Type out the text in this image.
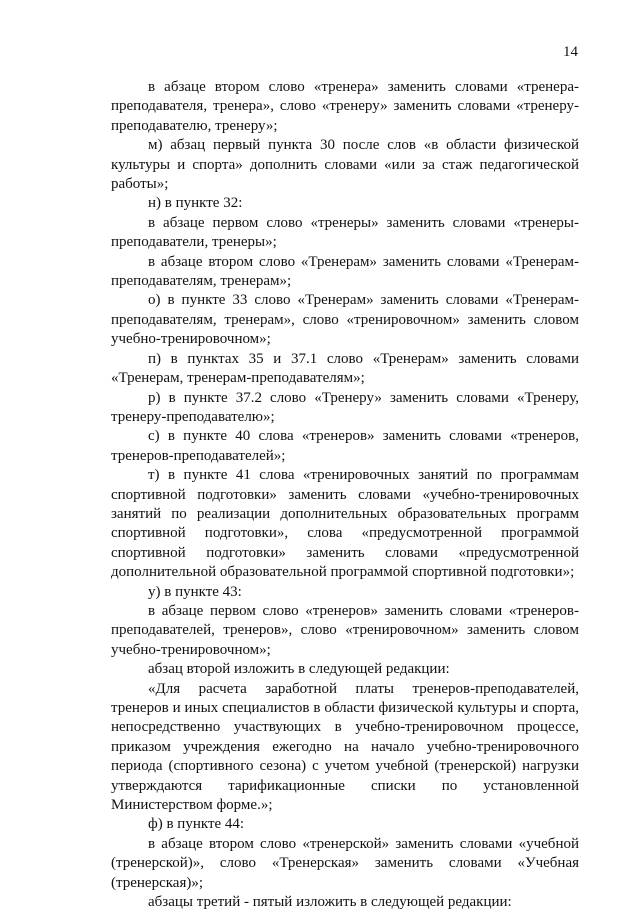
14

в абзаце втором слово «тренера» заменить словами «тренера-преподавателя, тренера», слово «тренеру» заменить словами «тренеру-преподавателю, тренеру»;

м) абзац первый пункта 30 после слов «в области физической культуры и спорта» дополнить словами «или за стаж педагогической работы»;

н) в пункте 32:

в абзаце первом слово «тренеры» заменить словами «тренеры-преподаватели, тренеры»;

в абзаце втором слово «Тренерам» заменить словами «Тренерам-преподавателям, тренерам»;

о) в пункте 33 слово «Тренерам» заменить словами «Тренерам-преподавателям, тренерам», слово «тренировочном» заменить словом учебно-тренировочном»;

п) в пунктах 35 и 37.1 слово «Тренерам» заменить словами «Тренерам, тренерам-преподавателям»;

р) в пункте 37.2 слово «Тренеру» заменить словами «Тренеру, тренеру-преподавателю»;

с) в пункте 40 слова «тренеров» заменить словами «тренеров, тренеров-преподавателей»;

т) в пункте 41 слова «тренировочных занятий по программам спортивной подготовки» заменить словами «учебно-тренировочных занятий по реализации дополнительных образовательных программ спортивной подготовки», слова «предусмотренной программой спортивной подготовки» заменить словами «предусмотренной дополнительной образовательной программой спортивной подготовки»;

у) в пункте 43:

в абзаце первом слово «тренеров» заменить словами «тренеров-преподавателей, тренеров», слово «тренировочном» заменить словом учебно-тренировочном»;

абзац второй изложить в следующей редакции:

«Для расчета заработной платы тренеров-преподавателей, тренеров и иных специалистов в области физической культуры и спорта, непосредственно участвующих в учебно-тренировочном процессе, приказом учреждения ежегодно на начало учебно-тренировочного периода (спортивного сезона) с учетом учебной (тренерской) нагрузки утверждаются тарификационные списки по установленной Министерством форме.»;

ф) в пункте 44:

в абзаце втором слово «тренерской» заменить словами «учебной (тренерской)», слово «Тренерская» заменить словами «Учебная (тренерская)»;

абзацы третий - пятый изложить в следующей редакции:
